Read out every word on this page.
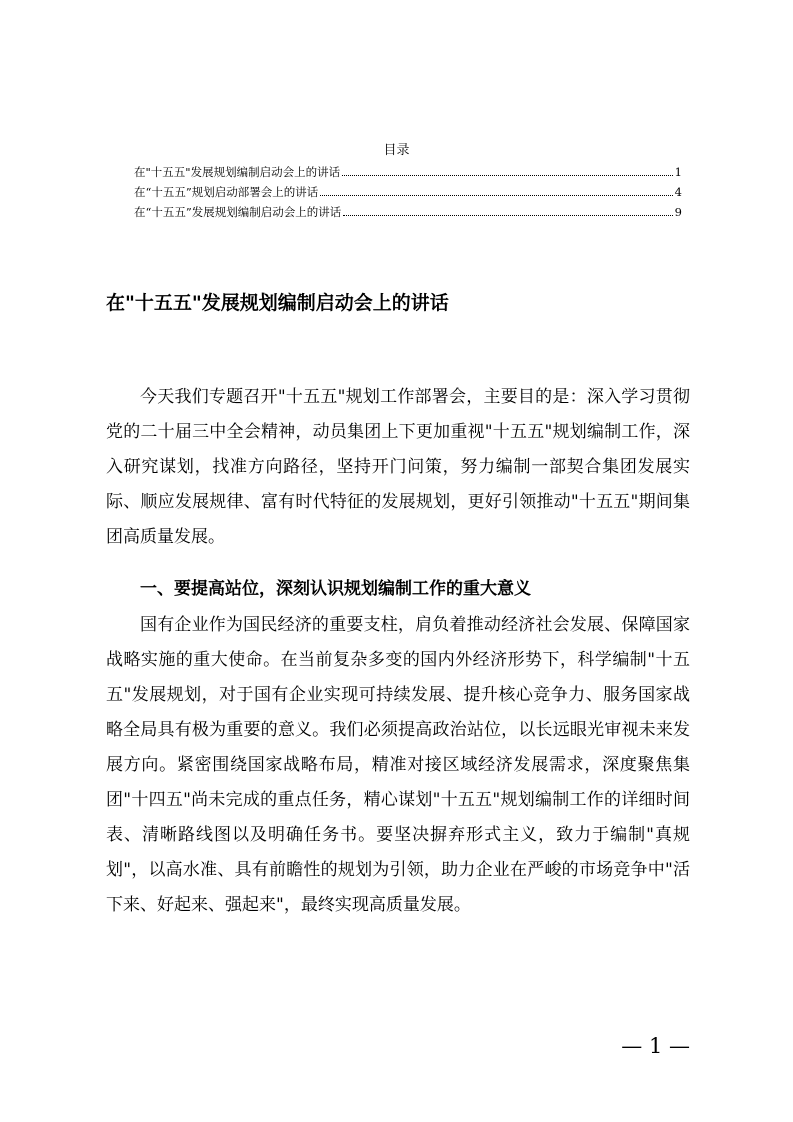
目录
在"十五五"发展规划编制启动会上的讲话	1
在“十五五”规划启动部署会上的讲话	4
在“十五五”发展规划编制启动会上的讲话	9
在"十五五"发展规划编制启动会上的讲话

今天我们专题召开"十五五"规划工作部署会，主要目的是：深入学习贯彻党的二十届三中全会精神，动员集团上下更加重视"十五五"规划编制工作，深入研究谋划，找准方向路径，坚持开门问策，努力编制一部契合集团发展实际、顺应发展规律、富有时代特征的发展规划，更好引领推动"十五五"期间集团高质量发展。

一、要提高站位，深刻认识规划编制工作的重大意义

国有企业作为国民经济的重要支柱，肩负着推动经济社会发展、保障国家战略实施的重大使命。在当前复杂多变的国内外经济形势下，科学编制"十五五"发展规划，对于国有企业实现可持续发展、提升核心竞争力、服务国家战略全局具有极为重要的意义。我们必须提高政治站位，以长远眼光审视未来发展方向。紧密围绕国家战略布局，精准对接区域经济发展需求，深度聚焦集团"十四五"尚未完成的重点任务，精心谋划"十五五"规划编制工作的详细时间表、清晰路线图以及明确任务书。要坚决摒弃形式主义，致力于编制"真规划"，以高水准、具有前瞻性的规划为引领，助力企业在严峻的市场竞争中"活下来、好起来、强起来"，最终实现高质量发展。

— 1 —
